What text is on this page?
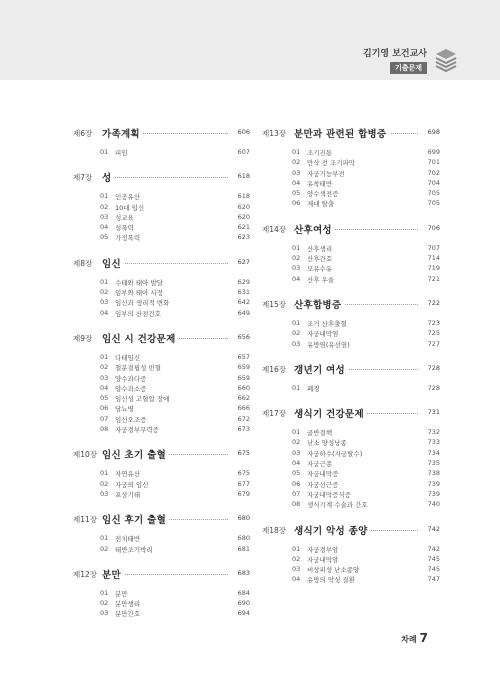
김기영 보건교사
기출문제
제6장 가족계획	606
01 피임	607
제7장 성	618
01 인공유산	618
02 10대 임신	620
03 성교육	620
04 성폭력	621
05 가정폭력	623
제8장 임신	627
01 수태와 태아 발달	629
02 임부와 태아 사정	631
03 임신과 생리적 변화	642
04 임부의 산전간호	649
제9장 임신 시 건강문제	656
01 다태임신	657
02 철분결핍성 빈혈	659
03 양수과다증	659
04 양수과소증	660
05 임신성 고혈압 장애	662
06 당뇨병	666
07 임신오조증	672
08 자궁경부무력증	673
제10장 임신 초기 출혈	675
01 자연유산	675
02 자궁외 임신	677
03 포상기태	679
제11장 임신 후기 출혈	680
01 전치태반	680
02 태반조기박리	681
제12장 분만	683
01 분만	684
02 분만생리	690
03 분만간호	694
제13장 분만과 관련된 합병증	698
01 조기진통	699
02 만삭 전 조기파막	701
03 자궁기능부전	702
04 유착태반	704
05 양수색전증	705
06 제대 탈출	705
제14장 산후여성	706
01 산후생리	707
02 산후간호	714
03 모유수유	719
04 산후 우울	721
제15장 산후합병증	722
01 조기 산후출혈	723
02 자궁내막염	725
03 유방염(유선염)	727
제16장 갱년기 여성	728
01 폐경	728
제17장 생식기 건강문제	731
01 골반결핵	732
02 난소 양성낭종	733
03 자궁하수(자궁탈수)	734
04 자궁근종	735
05 자궁내막증	738
06 자궁선근증	739
07 자궁내막증식증	739
08 생식기계 수술과 간호	740
제18장 생식기 악성 종양	742
01 자궁경부암	742
02 자궁내막암	745
03 비상피성 난소종양	745
04 유방의 악성 질환	747
차례 7
